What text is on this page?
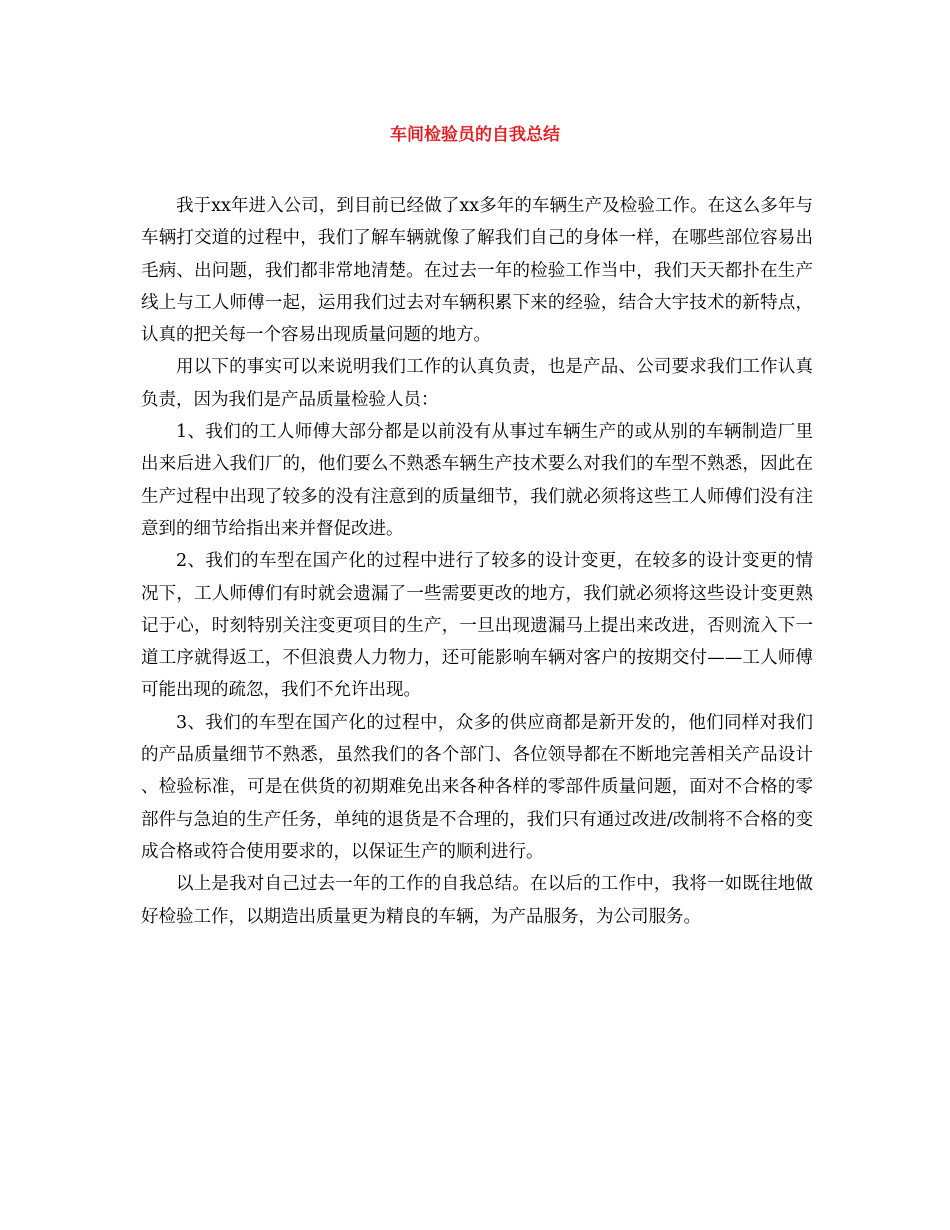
车间检验员的自我总结

我于xx年进入公司，到目前已经做了xx多年的车辆生产及检验工作。在这么多年与车辆打交道的过程中，我们了解车辆就像了解我们自己的身体一样，在哪些部位容易出毛病、出问题，我们都非常地清楚。在过去一年的检验工作当中，我们天天都扑在生产线上与工人师傅一起，运用我们过去对车辆积累下来的经验，结合大宇技术的新特点，认真的把关每一个容易出现质量问题的地方。

用以下的事实可以来说明我们工作的认真负责，也是产品、公司要求我们工作认真负责，因为我们是产品质量检验人员：

1、我们的工人师傅大部分都是以前没有从事过车辆生产的或从别的车辆制造厂里出来后进入我们厂的，他们要么不熟悉车辆生产技术要么对我们的车型不熟悉，因此在生产过程中出现了较多的没有注意到的质量细节，我们就必须将这些工人师傅们没有注意到的细节给指出来并督促改进。

2、我们的车型在国产化的过程中进行了较多的设计变更，在较多的设计变更的情况下，工人师傅们有时就会遗漏了一些需要更改的地方，我们就必须将这些设计变更熟记于心，时刻特别关注变更项目的生产，一旦出现遗漏马上提出来改进，否则流入下一道工序就得返工，不但浪费人力物力，还可能影响车辆对客户的按期交付——工人师傅可能出现的疏忽，我们不允许出现。

3、我们的车型在国产化的过程中，众多的供应商都是新开发的，他们同样对我们的产品质量细节不熟悉，虽然我们的各个部门、各位领导都在不断地完善相关产品设计、检验标准，可是在供货的初期难免出来各种各样的零部件质量问题，面对不合格的零部件与急迫的生产任务，单纯的退货是不合理的，我们只有通过改进/改制将不合格的变成合格或符合使用要求的，以保证生产的顺利进行。

以上是我对自己过去一年的工作的自我总结。在以后的工作中，我将一如既往地做好检验工作，以期造出质量更为精良的车辆，为产品服务，为公司服务。
